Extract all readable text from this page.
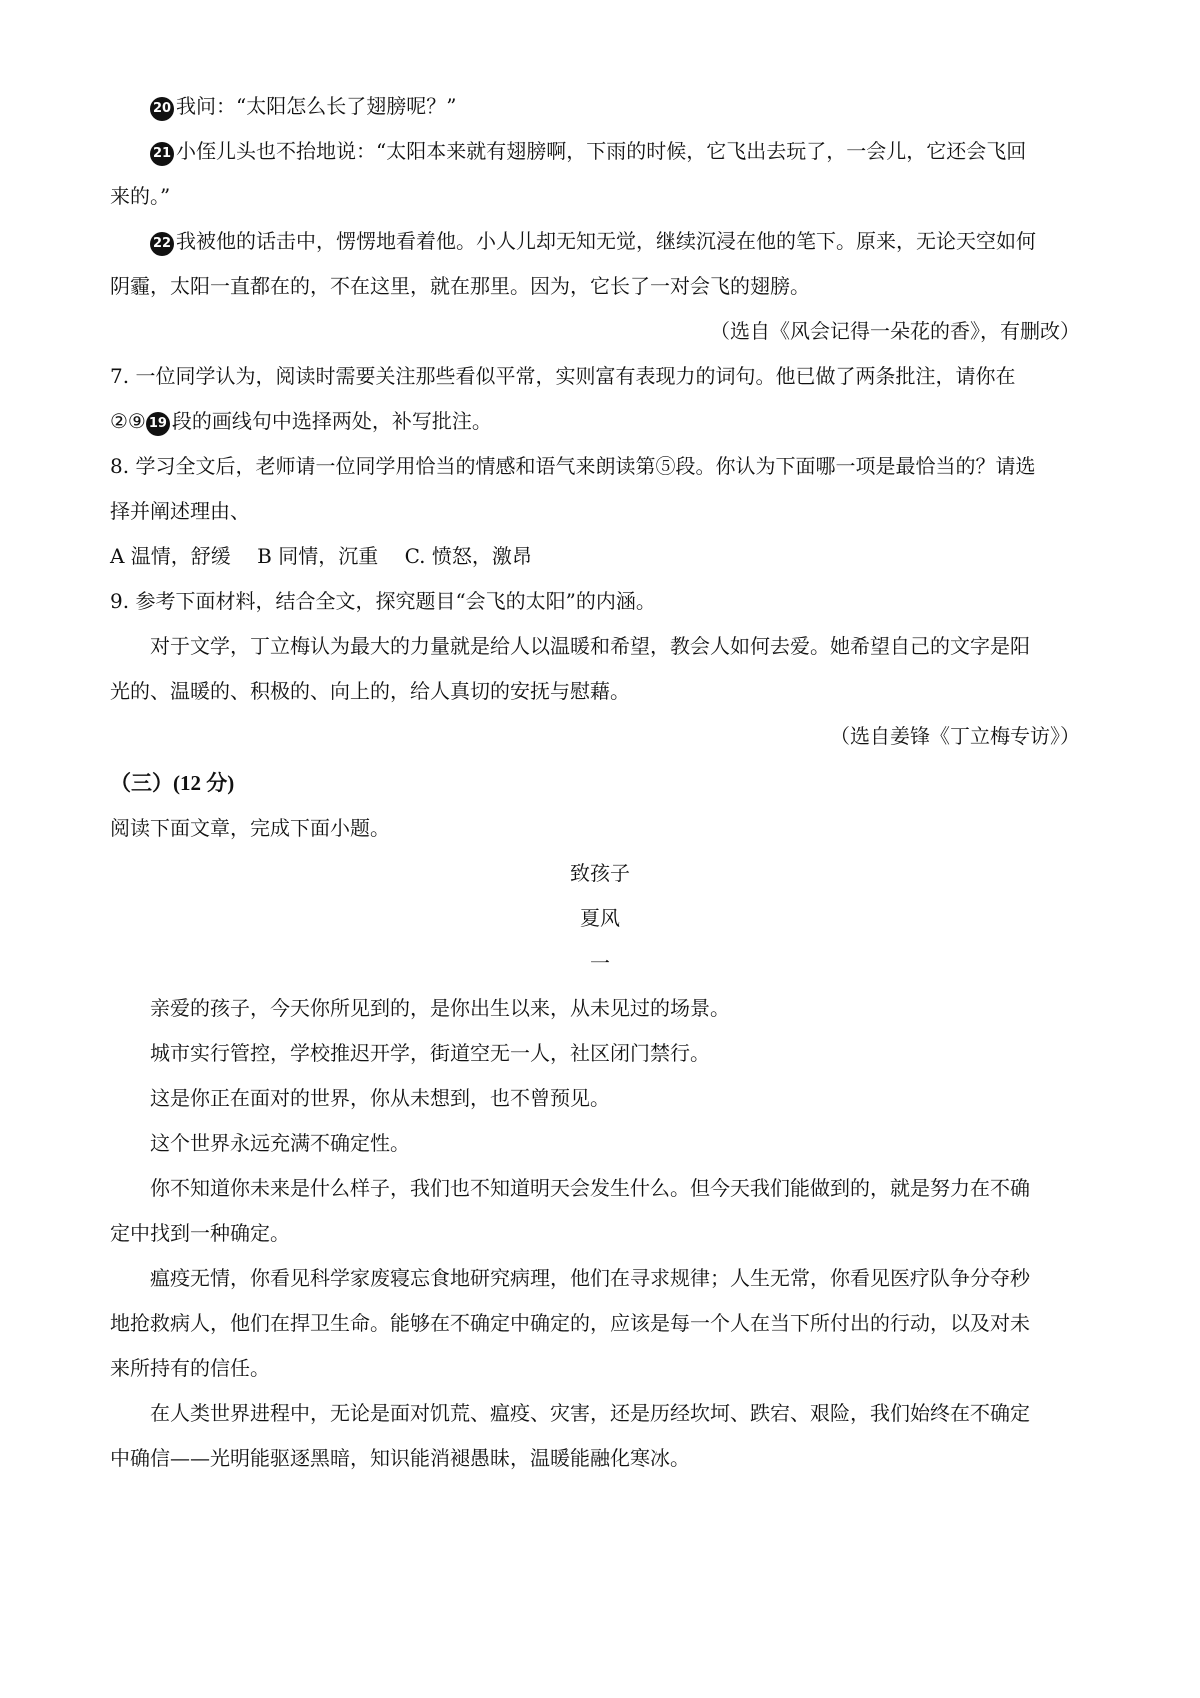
20 我问：“太阳怎么长了翅膀呢？”
21 小侄儿头也不抬地说：“太阳本来就有翅膀啊，下雨的时候，它飞出去玩了，一会儿，它还会飞回
来的。”
22 我被他的话击中，愣愣地看着他。小人儿却无知无觉，继续沉浸在他的笔下。原来，无论天空如何
阴霾，太阳一直都在的，不在这里，就在那里。因为，它长了一对会飞的翅膀。
（选自《风会记得一朵花的香》，有删改）
7. 一位同学认为，阅读时需要关注那些看似平常，实则富有表现力的词句。他已做了两条批注，请你在
②⑨ 19 段的画线句中选择两处，补写批注。
8. 学习全文后，老师请一位同学用恰当的情感和语气来朗读第⑤段。你认为下面哪一项是最恰当的？请选
择并阐述理由、
A 温情，舒缓　 B 同情，沉重　 C. 愤怒，激昂
9. 参考下面材料，结合全文，探究题目“会飞的太阳”的内涵。
对于文学，丁立梅认为最大的力量就是给人以温暖和希望，教会人如何去爱。她希望自己的文字是阳
光的、温暖的、积极的、向上的，给人真切的安抚与慰藉。
（选自姜锋《丁立梅专访》）
（三）(12 分)
阅读下面文章，完成下面小题。
致孩子
夏风
一
亲爱的孩子，今天你所见到的，是你出生以来，从未见过的场景。
城市实行管控，学校推迟开学，街道空无一人，社区闭门禁行。
这是你正在面对的世界，你从未想到，也不曾预见。
这个世界永远充满不确定性。
你不知道你未来是什么样子，我们也不知道明天会发生什么。但今天我们能做到的，就是努力在不确
定中找到一种确定。
瘟疫无情，你看见科学家废寝忘食地研究病理，他们在寻求规律；人生无常，你看见医疗队争分夺秒
地抢救病人，他们在捍卫生命。能够在不确定中确定的，应该是每一个人在当下所付出的行动，以及对未
来所持有的信任。
在人类世界进程中，无论是面对饥荒、瘟疫、灾害，还是历经坎坷、跌宕、艰险，我们始终在不确定
中确信——光明能驱逐黑暗，知识能消褪愚昧，温暖能融化寒冰。
